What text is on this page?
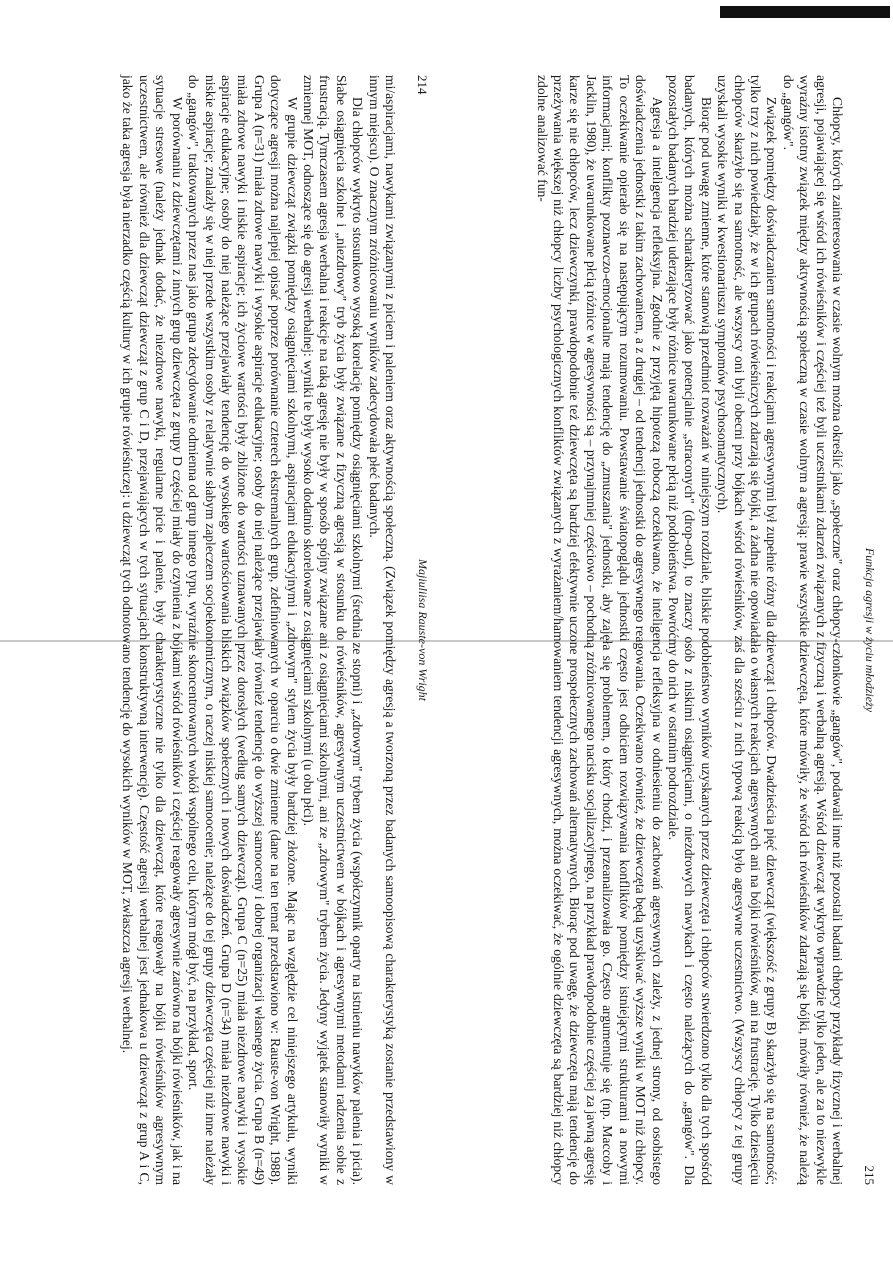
214
Majiuliisa Rauste-von Wright

mi/aspiracjami, nawykami związanymi z piciem i paleniem oraz aktywnością społeczną. (Związek pomiędzy agresją a tworzoną przez badanych samoopisową charakterystyką zostanie przedstawiony w innym miejscu). O znacznym zróżnicowaniu wyników zadecydowała płeć badanych.

Dla chłopców wykryto stosunkowo wysoką korelację pomiędzy osiągnięciami szkolnymi (średnia ze stopni) i „zdrowym" trybem życia (współczynnik oparty na istnieniu nawyków palenia i picia). Słabe osiągnięcia szkolne i „niezdrowy" tryb życia były związane z fizyczną agresją w stosunku do rówieśników, agresywnym uczestnictwem w bójkach i agresywnymi metodami radzenia sobie z frustracją. Tymczasem agresja werbalna i reakcje na taką agresję nie były w sposób spójny związane ani z osiągnięciami szkolnymi, ani ze „zdrowym" trybem życia. Jedyny wyjątek stanowiły wyniki w zmiennej MOT, odnoszące się do agresji werbalnej: wyniki te były wysoko dodatnio skorelowane z osiągnięciami szkolnymi (u obu płci).

W grupie dziewcząt związki pomiędzy osiągnięciami szkolnymi, aspiracjami edukacyjnymi i „zdrowym" stylem życia były bardziej złożone. Mając na względzie cel niniejszego artykułu, wyniki dotyczące agresji można najlepiej opisać poprzez porównanie czterech ekstremalnych grup, zdefiniowanych w oparciu o dwie zmienne (dane na ten temat przedstawiono w: Rauste-von Wright, 1988). Grupa A (n=31) miała zdrowe nawyki i wysokie aspiracje edukacyjne; osoby do niej należące przejawiały również tendencję do wyższej samooceny i dobrej organizacji własnego życia. Grupa B (n=49) miała zdrowe nawyki i niskie aspiracje; ich życiowe wartości były zbliżone do wartości uznawanych przez dorosłych (według samych dziewcząt). Grupa C (n=25) miała niezdrowe nawyki i wysokie aspiracje edukacyjne; osoby do niej należące przejawiały tendencję do wysokiego wartościowania bliskich związków społecznych i nowych doświadczeń. Grupa D (n=34) miała niezdrowe nawyki i niskie aspiracje; znalazły się w niej przede wszystkim osoby z relatywnie słabym zapleczem socjoekonomicznym, o raczej niskiej samoocenie; należące do tej grupy dziewczęta częściej niż inne należały do „gangów", traktowanych przez nas jako grupa zdecydowanie odmienna od grup innego typu, wyraźnie skoncentrowanych wokół wspólnego celu, którym mógł być, na przykład, sport.

W porównaniu z dziewczętami z innych grup dziewczęta z grupy D częściej miały do czynienia z bójkami wśród rówieśników i częściej reagowały agresywnie zarówno na bójki rówieśników, jak i na sytuacje stresowe (należy jednak dodać, że niezdrowe nawyki, regularne picie i palenie, były charakterystyczne nie tylko dla dziewcząt, które reagowały na bójki rówieśników agresywnym uczestnictwem, ale również dla dziewcząt dziewcząt z grup C i D, przejawiających w tych sytuacjach konstruktywną interwencję). Częstość agresji werbalnej jest jednakowa u dziewcząt z grup A i C, jako że taka agresja była nierzadko częścią kultury w ich grupie rówieśniczej: u dziewcząt tych odnotowano tendencję do wysokich wyników w MOT, zwłaszcza agresji werbalnej.	Funkcja agresji w życiu młodzieży
215

Chłopcy, których zainteresowania w czasie wolnym można określić jako „społeczne" oraz chłopcy-członkowie „gangów", podawali inne niż pozostali badani chłopcy przykłady fizycznej i werbalnej agresji, pojawiającej się wśród ich rówieśników i częściej też byli uczestnikami zdarzeń związanych z fizyczną i werbalną agresją. Wśród dziewcząt wykryto wprawdzie tylko jeden, ale za to niezwykle wyraźny istotny związek między aktywnością społeczną w czasie wolnym a agresją: prawie wszystkie dziewczęta, które mówiły, że wśród ich rówieśników zdarzają się bójki, mówiły również, że należą do „gangów".

Związek pomiędzy doświadczaniem samotności i reakcjami agresywnymi był zupełnie różny dla dziewcząt i chłopców. Dwadzieścia pięć dziewcząt (większość z grupy B) skarżyło się na samotność; tylko trzy z nich powiedziały, że w ich grupach rówieśniczych zdarzają się bójki, a żadna nie opowiadała o własnych reakcjach agresywnych ani na bójki rówieśników, ani na frustrację. Tylko dziesięciu chłopców skarżyło się na samotność, ale wszyscy oni byli obecni przy bójkach wśród rówieśników, zaś dla sześciu z nich typową reakcją było agresywne uczestnictwo. (Wszyscy chłopcy z tej grupy uzyskali wysokie wyniki w kwestionariuszu symptomów psychosomatycznych).

Biorąc pod uwagę zmienne, które stanowią przedmiot rozważań w niniejszym rozdziale, bliskie podobieństwo wyników uzyskanych przez dziewczęta i chłopców stwierdzono tylko dla tych spośród badanych, których można scharakteryzować jako potencjalnie „straconych" (drop-out), to znaczy osób z niskimi osiągnięciami, o niezdrowych nawykach i często należących do „gangów". Dla pozostałych badanych bardziej uderzające były różnice uwarunkowane płcią niż podobieństwa. Powróćmy do nich w ostatnim podrozdziale.

Agresja a inteligencja refleksyjna. Zgodnie z przyjętą hipotezą roboczą oczekiwano, że inteligencja refleksyjna w odniesieniu do zachowań agresywnych zależy, z jednej strony, od osobistego doświadczenia jednostki z takim zachowaniem, a z drugiej – od tendencji jednostki do agresywnego reagowania. Oczekiwano również, że dziewczęta będą uzyskiwać wyższe wyniki w MOT niż chłopcy. To oczekiwanie opierało się na następującym rozumowaniu. Powstawanie światopoglądu jednostki często jest odbiciem rozwiązywania konfliktów pomiędzy istniejącymi strukturami a nowymi informacjami; konflikty poznawczo-emocjonalne mają tendencję do „zmuszania" jednostki, aby zajęła się problemem, o który chodzi, i przeanalizowała go. Często argumentuje się (np. Maccoby i Jacklin, 1980), że uwarunkowane płcią różnice w agresywności są – przynajmniej częściowo – pochodną zróżnicowanego nacisku socjalizacyjnego, na przykład prawdopodobnie częściej za jawną agresję karze się nie chłopców, lecz dziewczynki, prawdopodobnie też dziewczęta są bardziej efektywnie uczone prospołecznych zachowań alternatywnych. Biorąc pod uwagę, że dziewczęta mają tendencję do przeżywania większej niż chłopcy liczby psychologicznych konfliktów związanych z wyrażaniem/hamowaniem tendencji agresywnych, można oczekiwać, że ogólnie dziewczęta są bardziej niż chłopcy zdolne analizować fun-
